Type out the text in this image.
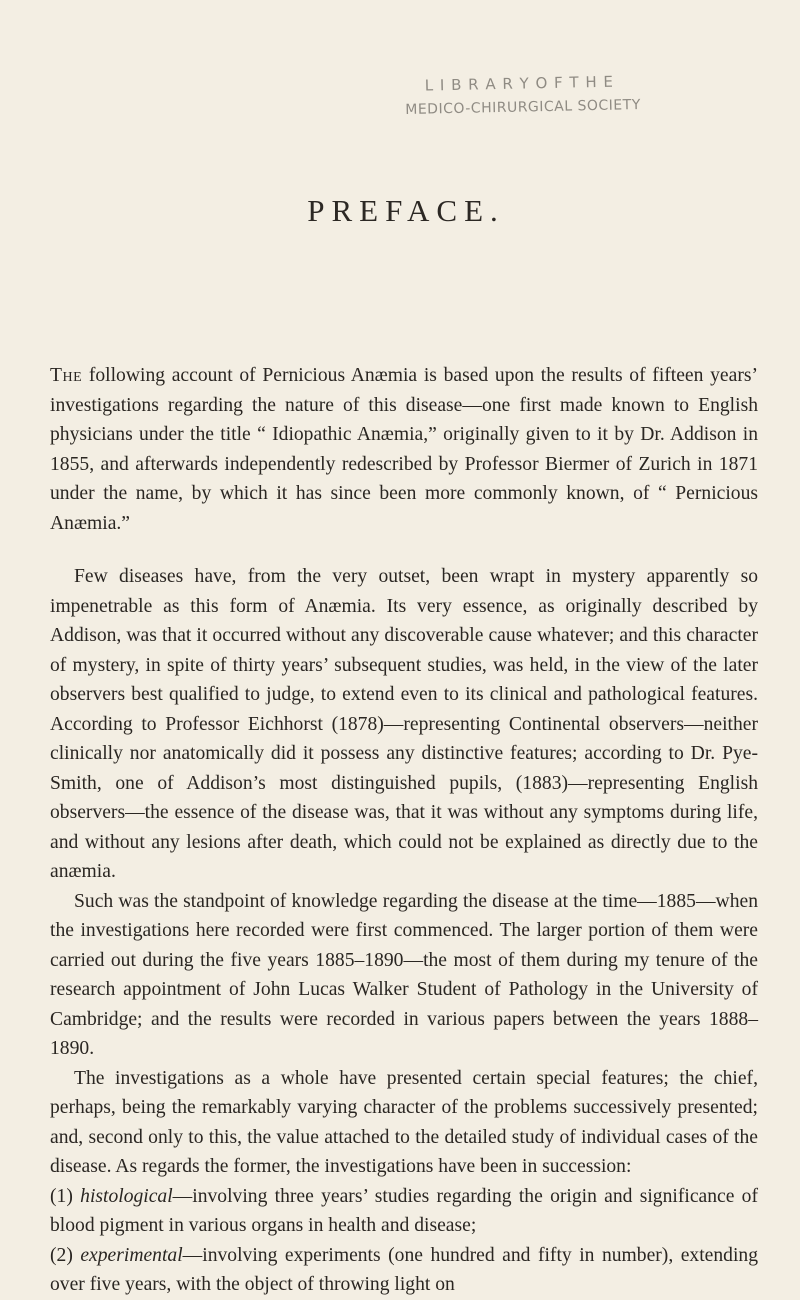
L I B R A R Y O F T H E
MEDICO-CHIRURGICAL SOCIETY
PREFACE.

The following account of Pernicious Anæmia is based upon the results of fifteen years’ investigations regarding the nature of this disease—one first made known to English physicians under the title “ Idiopathic Anæmia,” originally given to it by Dr. Addison in 1855, and afterwards independently redescribed by Professor Biermer of Zurich in 1871 under the name, by which it has since been more commonly known, of “ Pernicious Anæmia.”

Few diseases have, from the very outset, been wrapt in mystery apparently so impenetrable as this form of Anæmia. Its very essence, as originally described by Addison, was that it occurred without any discoverable cause whatever; and this character of mystery, in spite of thirty years’ subsequent studies, was held, in the view of the later observers best qualified to judge, to extend even to its clinical and pathological features. According to Professor Eichhorst (1878)—representing Continental observers—neither clinically nor anatomically did it possess any distinctive features; according to Dr. Pye-Smith, one of Addison’s most distinguished pupils, (1883)—representing English observers—the essence of the disease was, that it was without any symptoms during life, and without any lesions after death, which could not be explained as directly due to the anæmia.

Such was the standpoint of knowledge regarding the disease at the time—1885—when the investigations here recorded were first commenced. The larger portion of them were carried out during the five years 1885–1890—the most of them during my tenure of the research appointment of John Lucas Walker Student of Pathology in the University of Cambridge; and the results were recorded in various papers between the years 1888–1890.

The investigations as a whole have presented certain special features; the chief, perhaps, being the remarkably varying character of the problems successively presented; and, second only to this, the value attached to the detailed study of individual cases of the disease. As regards the former, the investigations have been in succession:
(1) histological—involving three years’ studies regarding the origin and significance of blood pigment in various organs in health and disease;
(2) experimental—involving experiments (one hundred and fifty in number), extending over five years, with the object of throwing light on
